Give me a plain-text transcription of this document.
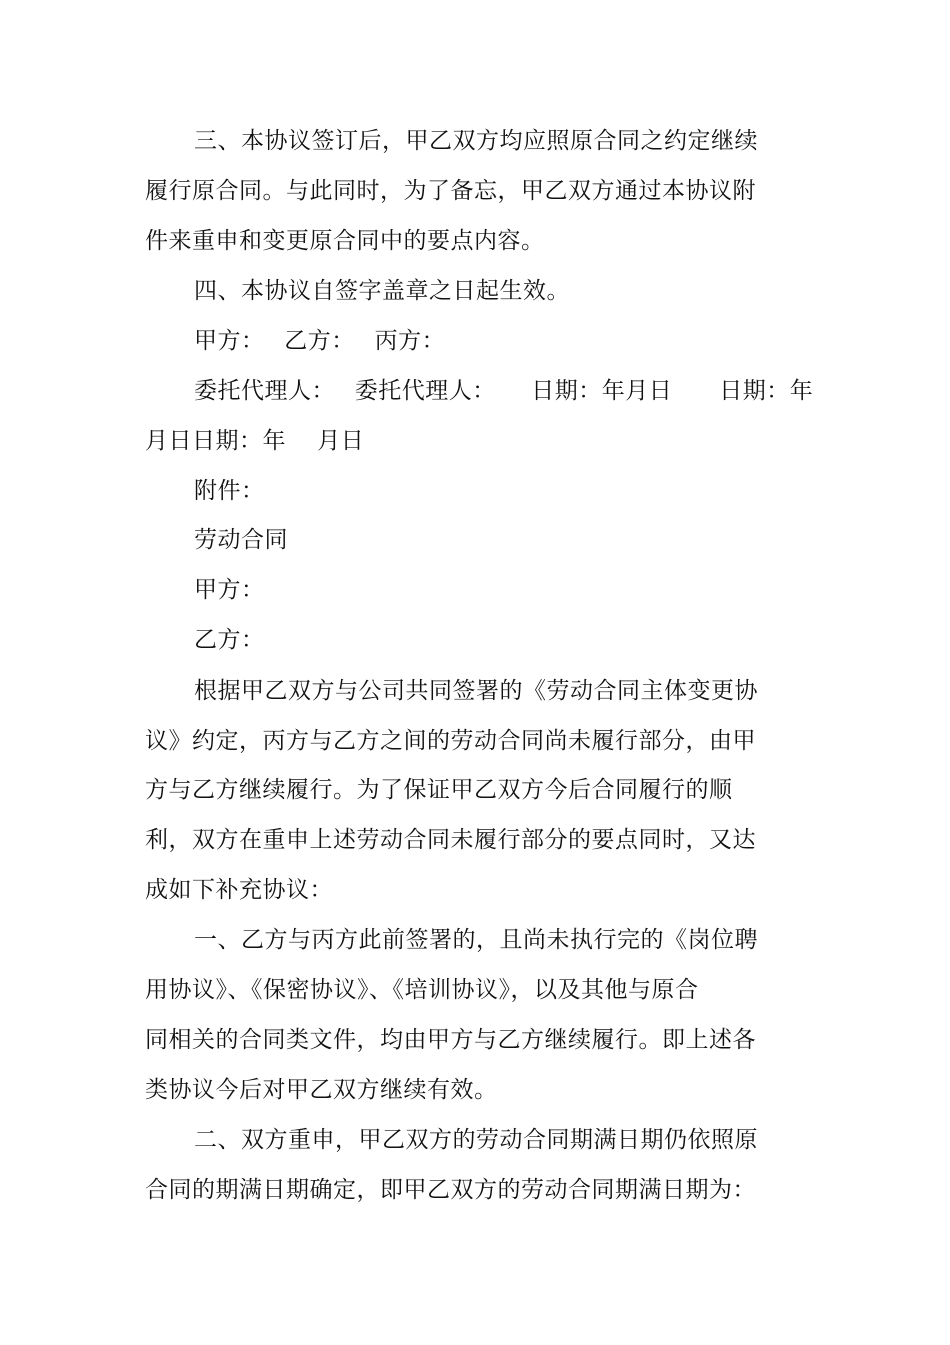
三、本协议签订后，甲乙双方均应照原合同之约定继续
履行原合同。与此同时，为了备忘，甲乙双方通过本协议附
件来重申和变更原合同中的要点内容。
四、本协议自签字盖章之日起生效。
甲方：　 乙方：　 丙方：
委托代理人：　 委托代理人：　　日期：年月日　　日期：年
月日日期：年　 月日
附件：
劳动合同
甲方：
乙方：
根据甲乙双方与公司共同签署的《劳动合同主体变更协
议》约定，丙方与乙方之间的劳动合同尚未履行部分，由甲
方与乙方继续履行。为了保证甲乙双方今后合同履行的顺
利，双方在重申上述劳动合同未履行部分的要点同时，又达
成如下补充协议：
一、乙方与丙方此前签署的，且尚未执行完的《岗位聘
用协议》、《保密协议》、《培训协议》，以及其他与原合
同相关的合同类文件，均由甲方与乙方继续履行。即上述各
类协议今后对甲乙双方继续有效。
二、双方重申，甲乙双方的劳动合同期满日期仍依照原
合同的期满日期确定，即甲乙双方的劳动合同期满日期为：
